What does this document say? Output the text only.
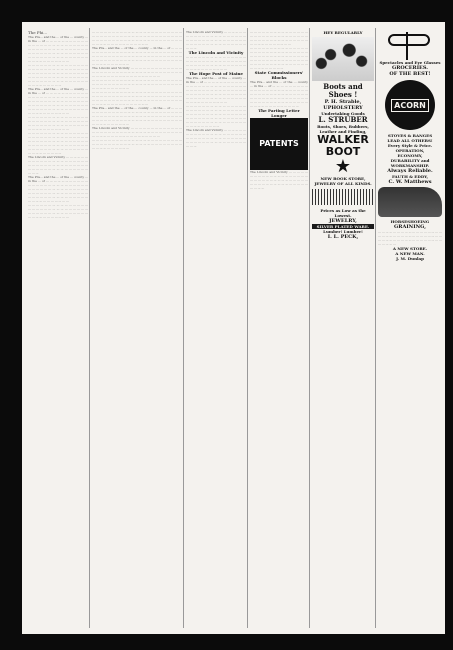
The Phi...
The Pra... and the ... of the ... county ... in the ... of ... ... ... ... ... ... ... ... ... ... ... ... ... ... ... ... ... ... ... ... ... ... ... ... ... ... ... ... ... ... ... ... ... ... ... ... ... ... ... ... ... ... ... ... ... ... ... ... ... ... ... ... ... ... ... ... ... ... ... ... ... ... ... ... ... ... ... ... ... ... ... ... ... ... ... ... ... ... ... ... ... ...
... ... ... ... ... ... ... ... ... ... ... ... ... ... ... ... ... ... ... ... ... ... ... ... ... ... ... ... ... ... ... ... ... ... ... ... ... ... ... ... ... ... ... ... ... ... ... ... ... ... ... ... ... ... ... ... ... ... ... ... ... ... ... ... ... ... ... ... ... ... ... ... ... ... ... ... ... ... ... ... ... ... ... ...
The Pra... and the ... of the ... county ... in the ... of ... ... ... ... ... ... ... ... ... ... ... ... ... ... ... ... ... ... ... ... ... ... ... ... ... ... ... ... ... ... ... ... ... ... ... ... ... ... ... ... ... ... ... ... ... ... ... ... ... ... ... ... ... ... ... ... ... ... ... ... ... ... ... ... ... ... ... ... ... ... ... ... ... ... ... ... ... ... ... ... ... ...
... ... ... ... ... ... ... ... ... ... ... ... ... ... ... ... ... ... ... ... ... ... ... ... ... ... ... ... ... ... ... ... ... ... ... ... ... ... ... ... ... ... ... ... ... ... ... ... ... ... ... ... ... ... ... ...
... ... ... ... ... ... ... ... ... ... ... ... ... ... ... ... ... ... ... ... ... ... ... ... ... ... ... ... ... ... ... ... ... ... ... ... ... ... ... ... ... ... ... ... ... ... ... ... ... ... ... ... ... ... ... ... ... ... ... ... ... ... ... ... ... ... ... ... ... ... ... ... ... ... ... ... ... ... ... ... ... ... ... ...
The Lincoln and Vicinity ... ... ... ... ... ... ... ... ... ... ... ... ... ... ... ... ... ... ... ... ... ... ... ... ... ... ... ... ... ... ... ... ... ... ... ... ... ... ... ... ... ... ... ... ... ... ... ... ... ... ... ... ... ...
The Pra... and the ... of the ... county ... in the ... of ... ... ... ... ... ... ... ... ... ... ... ... ... ... ... ... ... ... ... ... ... ... ... ... ... ... ... ... ... ... ... ... ... ... ... ... ... ... ... ... ... ... ... ... ... ... ... ... ... ... ... ... ... ... ... ... ... ... ... ... ... ... ... ... ... ... ... ... ... ... ... ... ... ... ... ... ... ... ... ... ... ...
... ... ... ... ... ... ... ... ... ... ... ... ... ... ... ... ... ... ... ... ... ... ... ... ... ... ... ... ... ... ... ... ... ... ... ... ... ... ... ... ... ... ... ... ... ... ... ... ... ... ... ... ... ... ... ...
... ... ... ... ... ... ... ... ... ... ... ... ... ... ... ... ... ... ... ... ... ... ... ... ... ... ... ... ... ... ... ... ... ... ... ... ... ... ... ... ... ... ... ... ... ... ... ... ... ... ... ... ... ... ... ... ... ... ... ... ... ... ... ... ... ... ... ... ... ... ... ... ... ... ... ... ... ... ... ... ... ... ... ...
The Pra... and the ... of the ... county ... in the ... of ... ... ... ... ... ... ... ... ... ... ... ... ... ... ... ... ... ... ... ... ... ... ... ... ... ... ... ... ... ... ... ... ... ... ... ... ... ... ... ... ... ... ... ... ... ... ... ... ... ... ... ... ... ... ... ... ... ... ... ... ... ... ... ... ... ... ... ... ... ... ... ... ... ... ... ... ... ... ... ... ... ...
The Lincoln and Vicinity ... ... ... ... ... ... ... ... ... ... ... ... ... ... ... ... ... ... ... ... ... ... ... ... ... ... ... ... ... ... ... ... ... ... ... ... ... ... ... ... ... ... ... ... ... ... ... ... ... ... ... ... ... ...
... ... ... ... ... ... ... ... ... ... ... ... ... ... ... ... ... ... ... ... ... ... ... ... ... ... ... ... ... ... ... ... ... ... ... ... ... ... ... ... ... ... ... ... ... ... ... ... ... ... ... ... ... ... ... ...
... ... ... ... ... ... ... ... ... ... ... ... ... ... ... ... ... ... ... ... ... ... ... ... ... ... ... ... ... ... ... ... ... ... ... ... ... ... ... ... ... ... ... ... ... ... ... ... ... ... ... ... ... ... ... ... ... ... ... ... ... ... ... ... ... ... ... ... ... ... ... ... ... ... ... ... ... ... ... ... ... ... ... ...
The Pra... and the ... of the ... county ... in the ... of ... ... ... ... ... ... ... ... ... ... ... ... ... ... ... ... ... ... ... ... ... ... ... ... ... ... ... ... ... ... ... ... ... ... ... ... ... ... ... ... ... ... ... ... ... ... ... ... ... ... ... ... ... ... ... ... ... ... ... ... ... ... ... ... ... ... ... ... ... ... ... ... ... ... ... ... ... ... ... ... ... ...
The Lincoln and Vicinity ... ... ... ... ... ... ... ... ... ... ... ... ... ... ... ... ... ... ... ... ... ... ... ... ... ... ... ... ... ... ... ... ... ... ... ... ... ... ... ... ... ... ... ... ... ... ... ... ... ... ... ... ... ...
... ... ... ... ... ... ... ... ... ... ... ... ... ... ... ... ... ... ... ... ... ... ... ... ... ... ... ... ... ... ... ... ... ... ... ... ... ... ... ... ... ... ... ... ... ... ... ... ... ... ... ... ... ... ... ...
The Lincoln and Vicinity ... ... ... ... ... ... ... ... ... ... ... ... ... ... ... ... ... ... ... ... ... ... ... ... ... ... ... ... ... ... ... ... ... ... ... ... ... ... ... ... ... ... ... ... ... ... ... ... ... ... ... ... ... ...
The Lincoln and Vicinity
... ... ... ... ... ... ... ... ... ... ... ... ... ... ... ... ... ... ... ... ... ... ... ... ... ... ... ... ... ... ... ... ... ... ... ... ... ... ... ... ... ... ... ... ... ... ... ... ... ... ... ... ... ... ... ...
The Hope Post of Maine
The Pra... and the ... of the ... county ... in the ... of ... ... ... ... ... ... ... ... ... ... ... ... ... ... ... ... ... ... ... ... ... ... ... ... ... ... ... ... ... ... ... ... ... ... ... ... ... ... ... ... ... ... ... ... ... ... ... ... ... ... ... ... ... ... ... ... ... ... ... ... ... ... ... ... ... ... ... ... ... ... ... ... ... ... ... ... ... ... ... ... ... ...
... ... ... ... ... ... ... ... ... ... ... ... ... ... ... ... ... ... ... ... ... ... ... ... ... ... ... ... ... ... ... ... ... ... ... ... ... ... ... ... ... ... ... ... ... ... ... ... ... ... ... ... ... ... ... ... ... ... ... ... ... ... ... ... ... ... ... ... ... ... ... ... ... ... ... ... ... ... ... ... ... ... ... ...
The Lincoln and Vicinity ... ... ... ... ... ... ... ... ... ... ... ... ... ... ... ... ... ... ... ... ... ... ... ... ... ... ... ... ... ... ... ... ... ... ... ... ... ... ... ... ... ... ... ... ... ... ... ... ... ... ... ... ... ...
... ... ... ... ... ... ... ... ... ... ... ... ... ... ... ... ... ... ... ... ... ... ... ... ... ... ... ... ... ... ... ... ... ... ... ... ... ... ... ... ... ... ... ... ... ... ... ... ... ... ... ... ... ... ... ...
... ... ... ... ... ... ... ... ... ... ... ... ... ... ... ... ... ... ... ... ... ... ... ... ... ... ... ... ... ... ... ... ... ... ... ... ... ... ... ... ... ... ... ... ... ... ... ... ... ... ... ... ... ... ... ... ... ... ... ... ... ... ... ... ... ... ... ... ... ... ... ... ... ... ... ... ... ... ... ... ... ... ... ...
State Commissioners' Blocks
The Pra... and the ... of the ... county ... in the ... of ... ... ... ... ... ... ... ... ... ... ... ... ... ... ... ... ... ... ... ... ... ... ... ... ... ... ... ... ... ... ... ... ... ... ... ... ... ... ... ... ... ... ... ... ... ... ... ... ... ... ... ... ... ... ... ... ... ... ... ... ... ... ... ... ... ... ... ... ... ... ... ... ... ... ... ... ... ... ... ... ... ...
The Parting Letter Longer
PATENTS
The Lincoln and Vicinity ... ... ... ... ... ... ... ... ... ... ... ... ... ... ... ... ... ... ... ... ... ... ... ... ... ... ... ... ... ... ... ... ... ... ... ... ... ... ... ... ... ... ... ... ... ... ... ... ... ... ... ... ... ...
HEY REGULARLY
Boots and Shoes !
P. H. Strable,
UPHOLSTERY
Undertaking Goods
L. STRUBER
Boots, Shoes, Rubbers,
Leather and Finding,
WALKER
BOOT
★
NEW BOOK STORE,
JEWELRY OF ALL KINDS.
Prices as Low as the Lowest.
JEWELRY,
SILVER PLATED WARE.
Lumber! Lumber!
I. L. PECK,
Spectacles and Eye Glasses
GROCERIES.
OF THE BEST!
ACORN
STOVES & RANGES
LEAD ALL OTHERS!
Every Style & Price.
OPERATION,
ECONOMY,
DURABILITY and WORKMANSHIP.
Always Reliable.
FAUTH & EDDY,
C. W. Matthews
HORSESHOEING
GRAINING,
... ... ... ... ... ... ... ... ... ... ... ... ... ... ... ... ... ... ... ... ... ... ... ... ... ... ... ... ... ... ... ... ... ... ... ... ... ... ... ... ... ... ... ... ... ... ... ... ... ... ... ... ... ... ... ...
A NEW STORE.
A NEW MAN.
J. M. Dunlap
